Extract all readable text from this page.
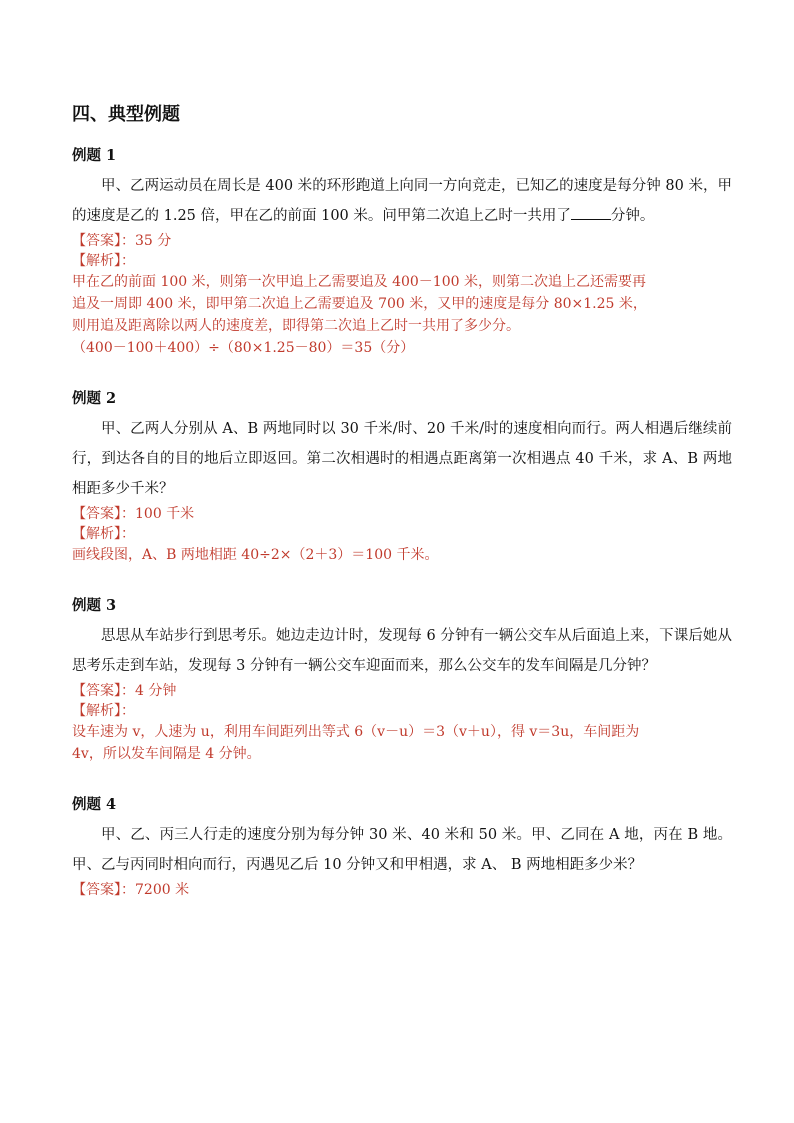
四、典型例题
例题 1

甲、乙两运动员在周长是 400 米的环形跑道上向同一方向竞走，已知乙的速度是每分钟 80 米，甲的速度是乙的 1.25 倍，甲在乙的前面 100 米。问甲第二次追上乙时一共用了	分钟。

【答案】：35 分

【解析】：

甲在乙的前面 100 米，则第一次甲追上乙需要追及 400－100 米，则第二次追上乙还需要再

追及一周即 400 米，即甲第二次追上乙需要追及 700 米，又甲的速度是每分 80×1.25 米，

则用追及距离除以两人的速度差，即得第二次追上乙时一共用了多少分。

（400－100＋400）÷（80×1.25－80）＝35（分）

例题 2

甲、乙两人分别从 A、B 两地同时以 30 千米/时、20 千米/时的速度相向而行。两人相遇后继续前行，到达各自的目的地后立即返回。第二次相遇时的相遇点距离第一次相遇点 40 千米，求 A、B 两地相距多少千米？

【答案】：100 千米

【解析】：

画线段图，A、B 两地相距 40÷2×（2＋3）＝100 千米。

例题 3

思思从车站步行到思考乐。她边走边计时，发现每 6 分钟有一辆公交车从后面追上来，下课后她从思考乐走到车站，发现每 3 分钟有一辆公交车迎面而来，那么公交车的发车间隔是几分钟？

【答案】：4 分钟

【解析】：

设车速为 v，人速为 u，利用车间距列出等式 6（v－u）＝3（v＋u），得 v＝3u，车间距为

4v，所以发车间隔是 4 分钟。

例题 4

甲、乙、丙三人行走的速度分别为每分钟 30 米、40 米和 50 米。甲、乙同在 A 地，丙在 B 地。甲、乙与丙同时相向而行，丙遇见乙后 10 分钟又和甲相遇，求 A、 B 两地相距多少米？

【答案】：7200 米
